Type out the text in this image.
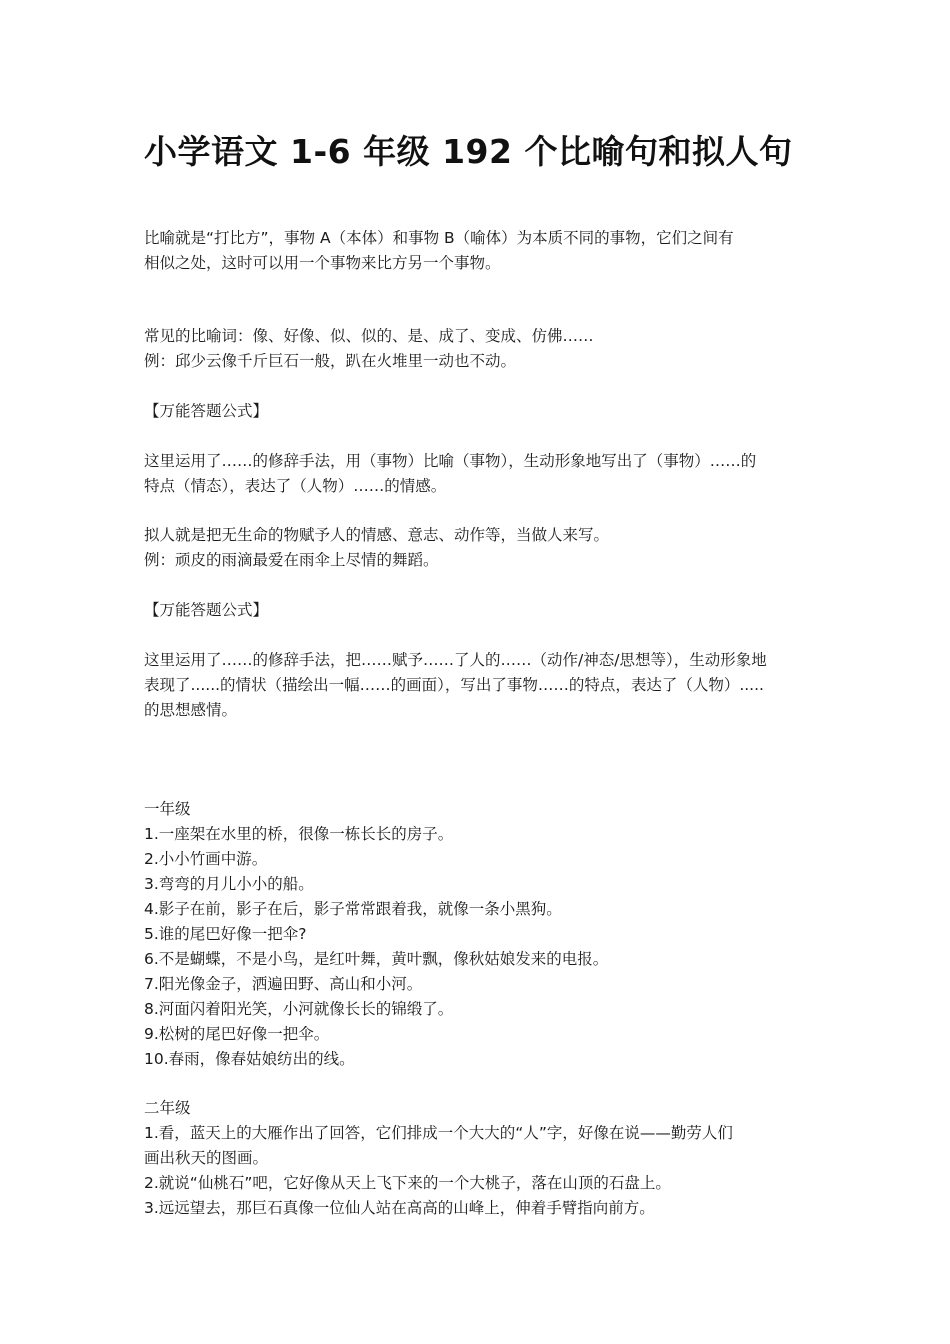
小学语文 1-6 年级 192 个比喻句和拟人句
比喻就是“打比方”，事物 A（本体）和事物 B（喻体）为本质不同的事物，它们之间有
相似之处，这时可以用一个事物来比方另一个事物。
常见的比喻词：像、好像、似、似的、是、成了、变成、仿佛……
例：邱少云像千斤巨石一般，趴在火堆里一动也不动。
【万能答题公式】
这里运用了……的修辞手法，用（事物）比喻（事物），生动形象地写出了（事物）……的
特点（情态），表达了（人物）……的情感。
拟人就是把无生命的物赋予人的情感、意志、动作等，当做人来写。
例：顽皮的雨滴最爱在雨伞上尽情的舞蹈。
【万能答题公式】
这里运用了……的修辞手法，把……赋予……了人的……（动作/神态/思想等），生动形象地
表现了......的情状（描绘出一幅……的画面），写出了事物……的特点，表达了（人物）.....
的思想感情。
一年级
1.一座架在水里的桥，很像一栋长长的房子。
2.小小竹画中游。
3.弯弯的月儿小小的船。
4.影子在前，影子在后，影子常常跟着我，就像一条小黑狗。
5.谁的尾巴好像一把伞?
6.不是蝴蝶，不是小鸟，是红叶舞，黄叶飘，像秋姑娘发来的电报。
7.阳光像金子，洒遍田野、高山和小河。
8.河面闪着阳光笑，小河就像长长的锦缎了。
9.松树的尾巴好像一把伞。
10.春雨，像春姑娘纺出的线。
二年级
1.看，蓝天上的大雁作出了回答，它们排成一个大大的“人”字，好像在说——勤劳人们
画出秋天的图画。
2.就说“仙桃石”吧，它好像从天上飞下来的一个大桃子，落在山顶的石盘上。
3.远远望去，那巨石真像一位仙人站在高高的山峰上，伸着手臂指向前方。
